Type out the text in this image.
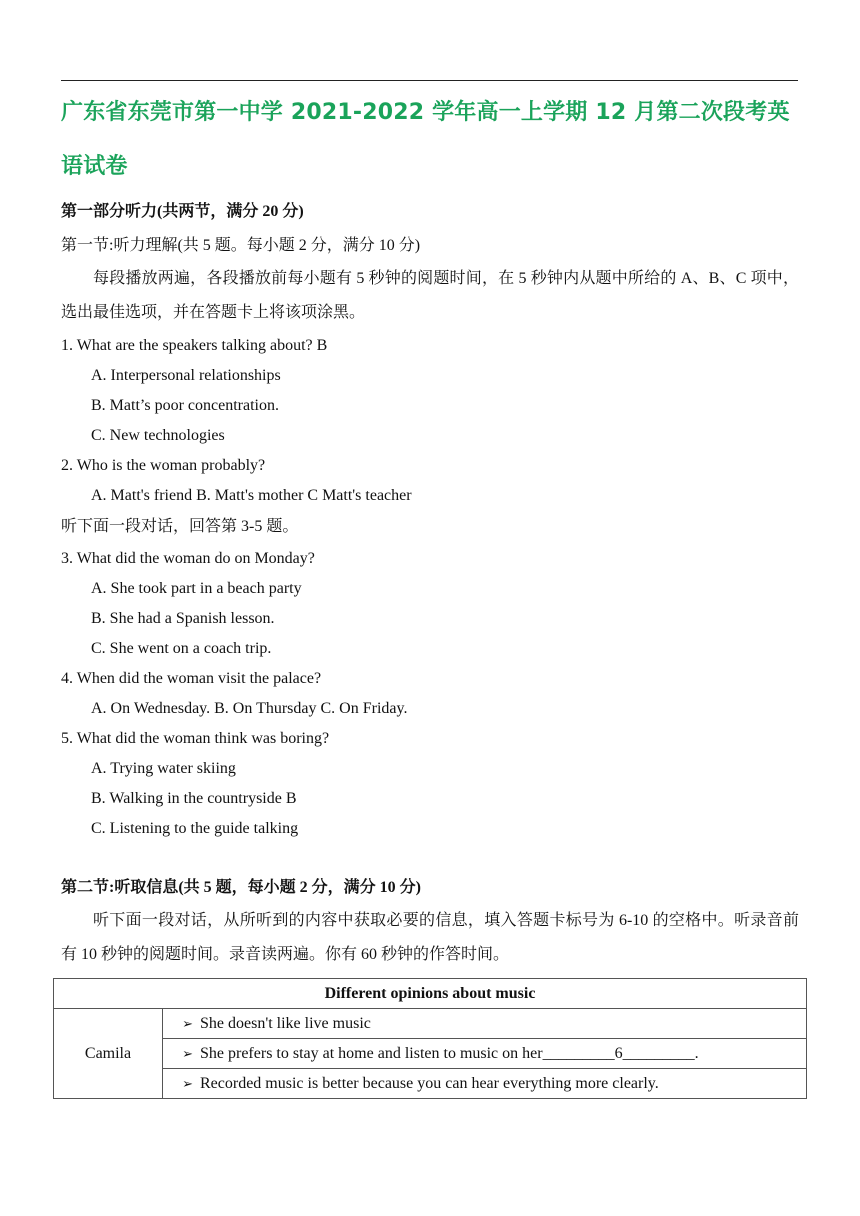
广东省东莞市第一中学 2021-2022 学年高一上学期 12 月第二次段考英语试卷
第一部分听力(共两节，满分 20 分)
第一节:听力理解(共 5 题。每小题 2 分，满分 10 分)
每段播放两遍，各段播放前每小题有 5 秒钟的阅题时间，在 5 秒钟内从题中所给的 A、B、C 项中，选出最佳选项，并在答题卡上将该项涂黑。
1. What are the speakers talking about? B
A. Interpersonal relationships
B. Matt’s poor concentration.
C. New technologies
2. Who is the woman probably?
A. Matt's friend B. Matt's mother C Matt's teacher
听下面一段对话，回答第 3-5 题。
3. What did the woman do on Monday?
A. She took part in a beach party
B. She had a Spanish lesson.
C. She went on a coach trip.
4. When did the woman visit the palace?
A. On Wednesday. B. On Thursday C. On Friday.
5. What did the woman think was boring?
A. Trying water skiing
B. Walking in the countryside B
C. Listening to the guide talking
第二节:听取信息(共 5 题，每小题 2 分，满分 10 分)
听下面一段对话，从所听到的内容中获取必要的信息，填入答题卡标号为 6-10 的空格中。听录音前有 10 秒钟的阅题时间。录音读两遍。你有 60 秒钟的作答时间。
Different opinions about music
Camila	➢ She doesn't like live music
➢ She prefers to stay at home and listen to music on her_________6_________.
➢ Recorded music is better because you can hear everything more clearly.
